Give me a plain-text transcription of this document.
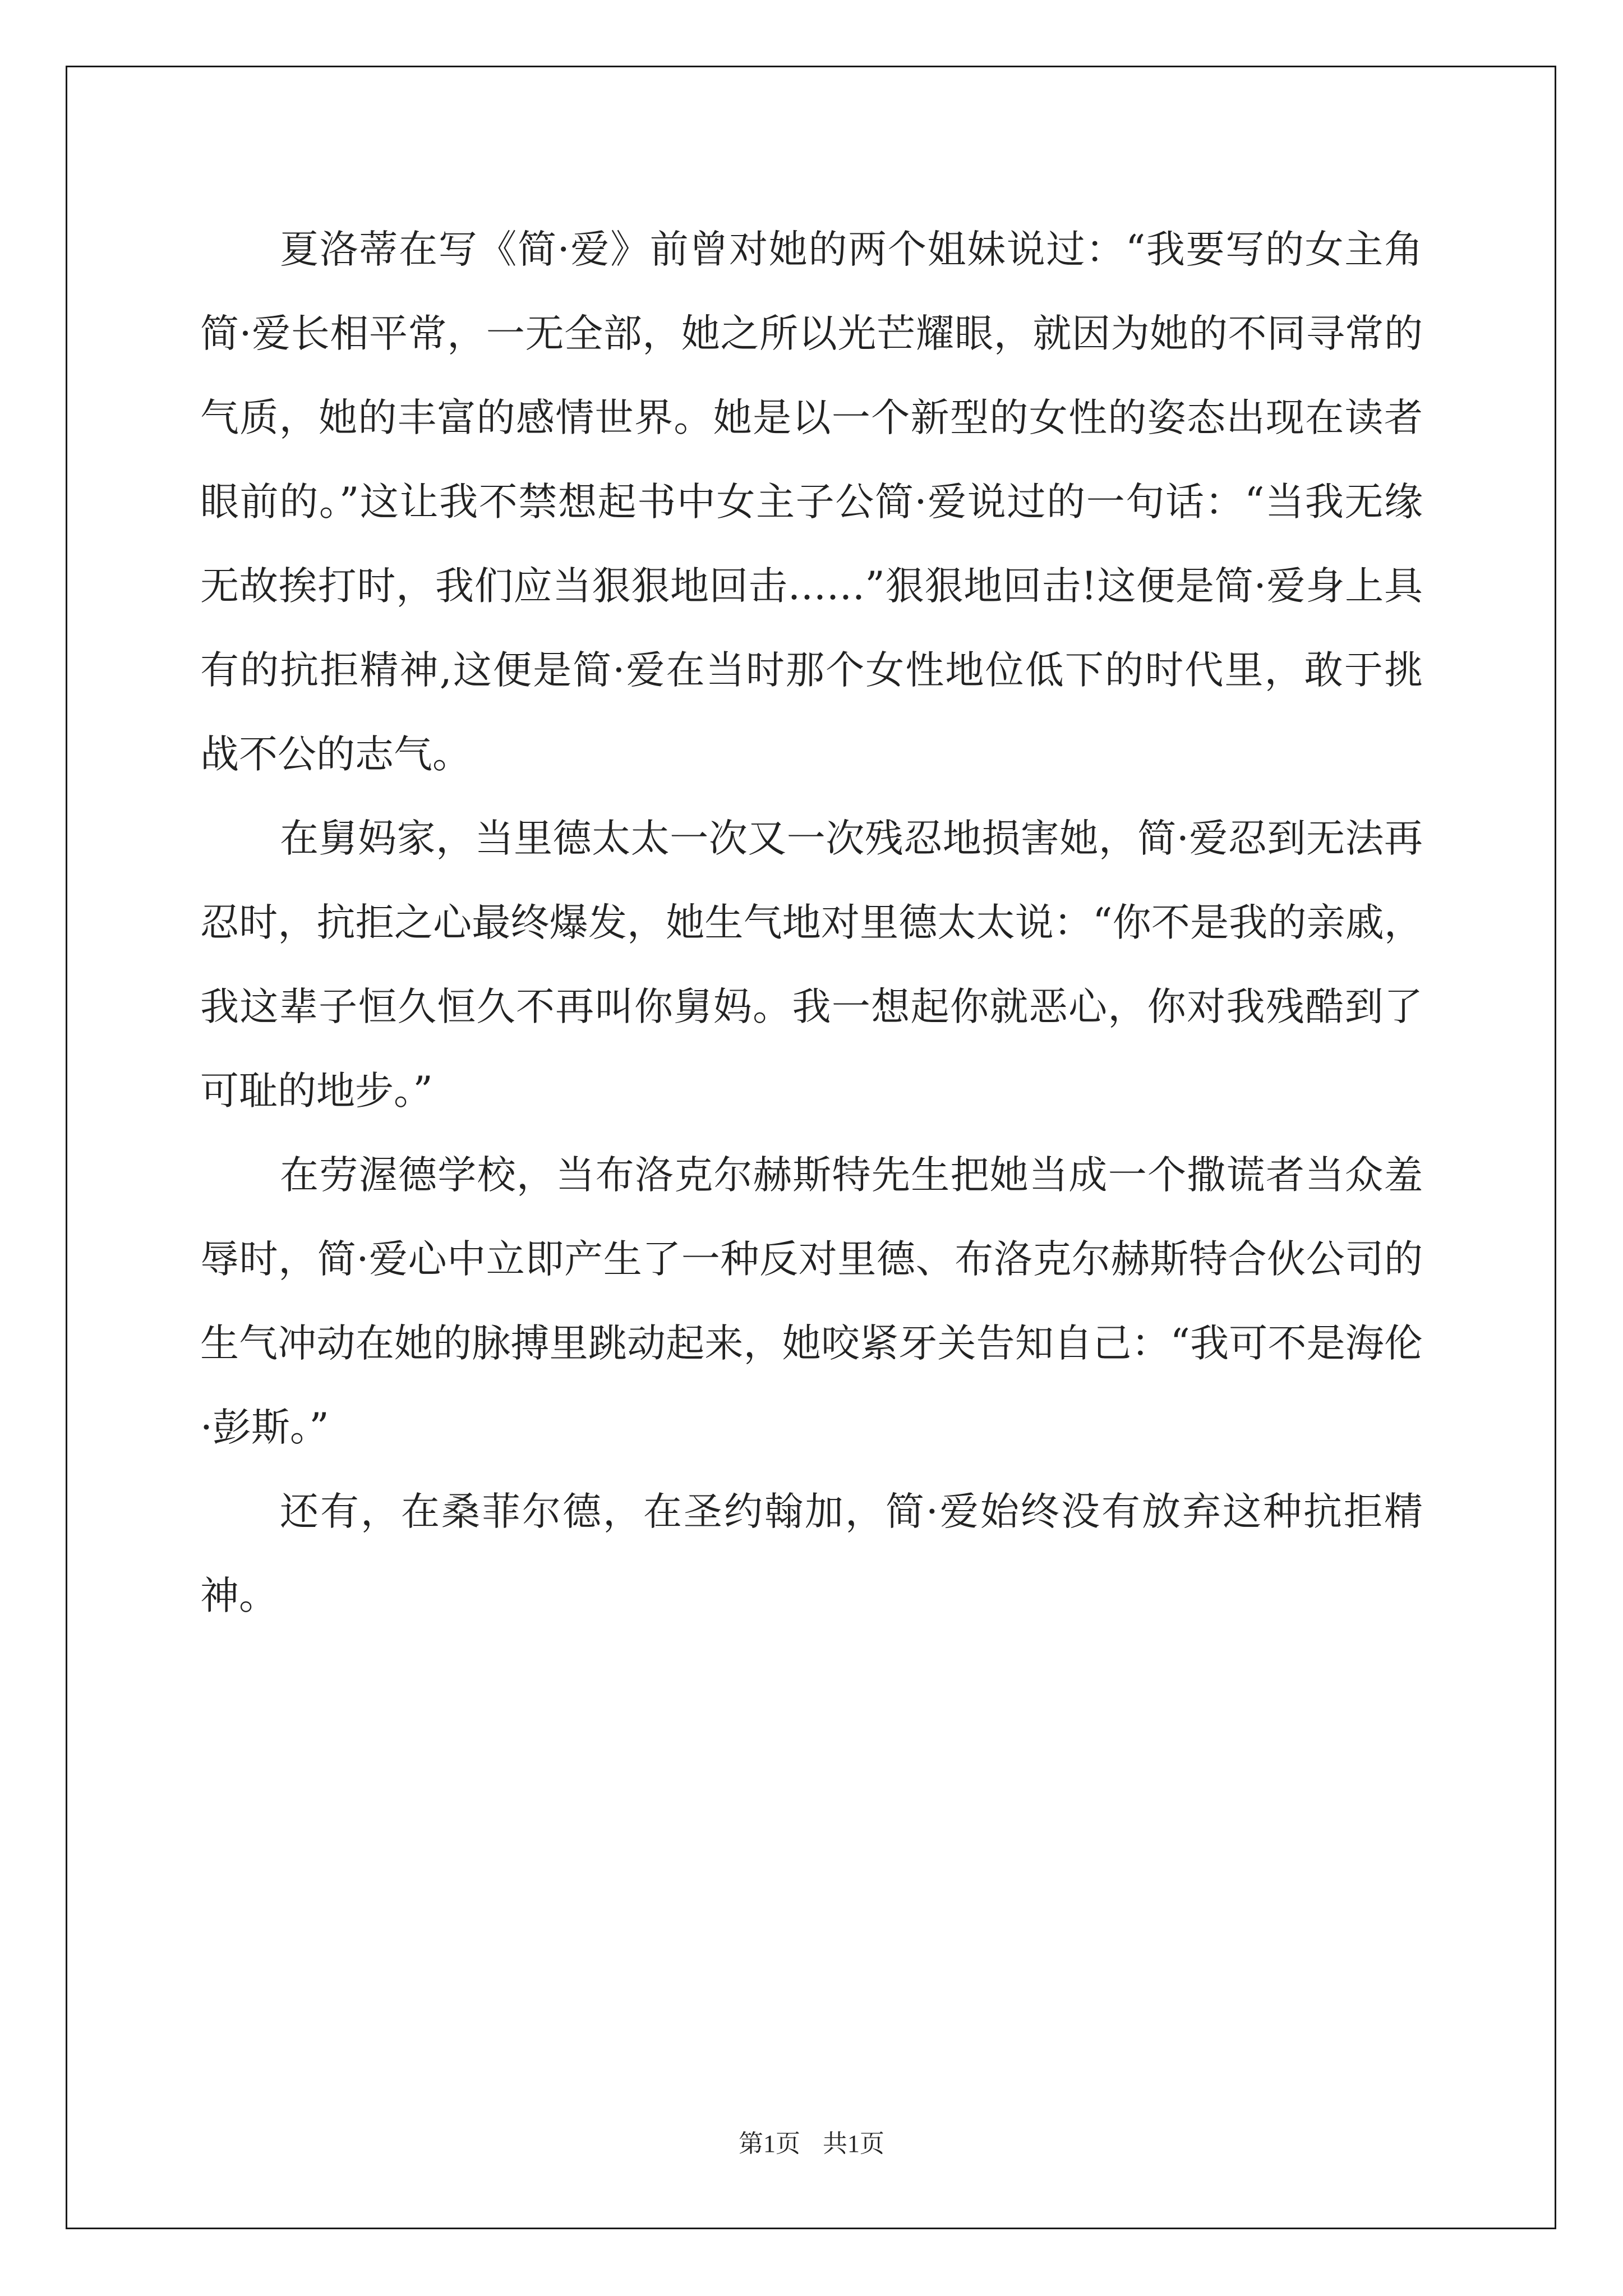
夏洛蒂在写《简·爱》前曾对她的两个姐妹说过：“我要写的女主角简·爱长相平常，一无全部，她之所以光芒耀眼，就因为她的不同寻常的气质，她的丰富的感情世界。她是以一个新型的女性的姿态出现在读者眼前的。”这让我不禁想起书中女主子公简·爱说过的一句话：“当我无缘无故挨打时，我们应当狠狠地回击……”狠狠地回击!这便是简·爱身上具有的抗拒精神,这便是简·爱在当时那个女性地位低下的时代里，敢于挑战不公的志气。

在舅妈家，当里德太太一次又一次残忍地损害她，简·爱忍到无法再忍时，抗拒之心最终爆发，她生气地对里德太太说：“你不是我的亲戚，我这辈子恒久恒久不再叫你舅妈。我一想起你就恶心，你对我残酷到了可耻的地步。”

在劳渥德学校，当布洛克尔赫斯特先生把她当成一个撒谎者当众羞辱时，简·爱心中立即产生了一种反对里德、布洛克尔赫斯特合伙公司的生气冲动在她的脉搏里跳动起来，她咬紧牙关告知自己：“我可不是海伦·彭斯。”

还有，在桑菲尔德，在圣约翰加，简·爱始终没有放弃这种抗拒精神。

第1页 共1页
